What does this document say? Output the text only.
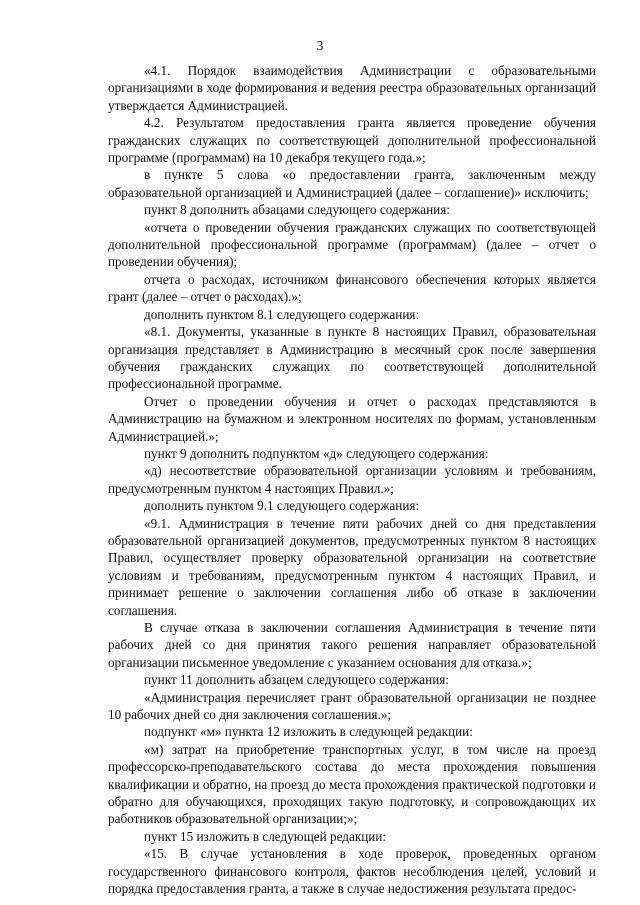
3

«4.1. Порядок взаимодействия Администрации с образовательными организациями в ходе формирования и ведения реестра образовательных организаций утверждается Администрацией.

4.2. Результатом предоставления гранта является проведение обучения гражданских служащих по соответствующей дополнительной профессиональной программе (программам) на 10 декабря текущего года.»;

в пункте 5 слова «о предоставлении гранта, заключенным между образовательной организацией и Администрацией (далее – соглашение)» исключить;

пункт 8 дополнить абзацами следующего содержания:

«отчета о проведении обучения гражданских служащих по соответствующей дополнительной профессиональной программе (программам) (далее – отчет о проведении обучения);

отчета о расходах, источником финансового обеспечения которых является грант (далее – отчет о расходах).»;

дополнить пунктом 8.1 следующего содержания:

«8.1. Документы, указанные в пункте 8 настоящих Правил, образовательная организация представляет в Администрацию в месячный срок после завершения обучения гражданских служащих по соответствующей дополнительной профессиональной программе.

Отчет о проведении обучения и отчет о расходах представляются в Администрацию на бумажном и электронном носителях по формам, установленным Администрацией.»;

пункт 9 дополнить подпунктом «д» следующего содержания:

«д) несоответствие образовательной организации условиям и требованиям, предусмотренным пунктом 4 настоящих Правил.»;

дополнить пунктом 9.1 следующего содержания:

«9.1. Администрация в течение пяти рабочих дней со дня представления образовательной организацией документов, предусмотренных пунктом 8 настоящих Правил, осуществляет проверку образовательной организации на соответствие условиям и требованиям, предусмотренным пунктом 4 настоящих Правил, и принимает решение о заключении соглашения либо об отказе в заключении соглашения.

В случае отказа в заключении соглашения Администрация в течение пяти рабочих дней со дня принятия такого решения направляет образовательной организации письменное уведомление с указанием основания для отказа.»;

пункт 11 дополнить абзацем следующего содержания:

«Администрация перечисляет грант образовательной организации не позднее 10 рабочих дней со дня заключения соглашения.»;

подпункт «м» пункта 12 изложить в следующей редакции:

«м) затрат на приобретение транспортных услуг, в том числе на проезд профессорско-преподавательского состава до места прохождения повышения квалификации и обратно, на проезд до места прохождения практической подготовки и обратно для обучающихся, проходящих такую подготовку, и сопровождающих их работников образовательной организации;»;

пункт 15 изложить в следующей редакции:

«15. В случае установления в ходе проверок, проведенных органом государственного финансового контроля, фактов несоблюдения целей, условий и порядка предоставления гранта, а также в случае недостижения результата предос-
